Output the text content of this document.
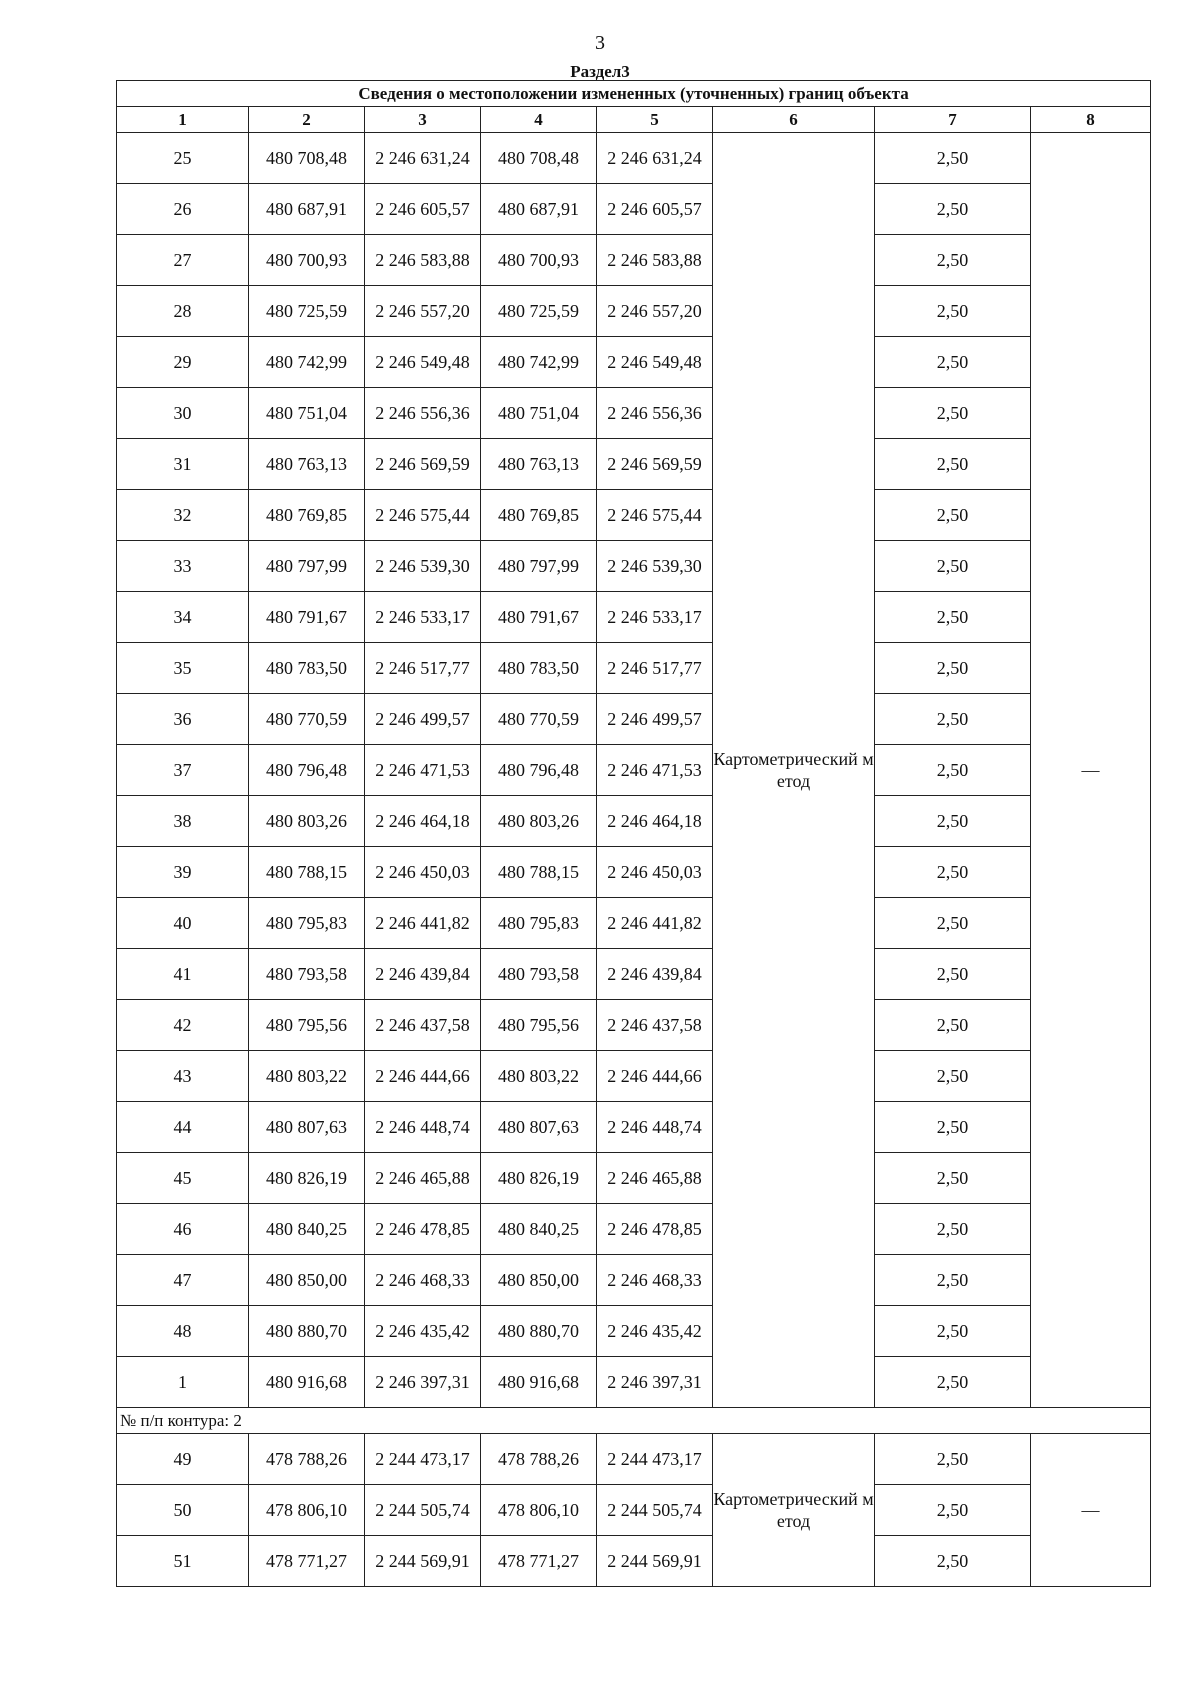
3
Раздел3
Сведения о местоположении измененных (уточненных) границ объекта							
1	2	3	4	5	6	7	8
25	480 708,48	2 246 631,24	480 708,48	2 246 631,24	Картометрический метод	2,50	—
26	480 687,91	2 246 605,57	480 687,91	2 246 605,57		2,50	
27	480 700,93	2 246 583,88	480 700,93	2 246 583,88		2,50	
28	480 725,59	2 246 557,20	480 725,59	2 246 557,20		2,50	
29	480 742,99	2 246 549,48	480 742,99	2 246 549,48		2,50	
30	480 751,04	2 246 556,36	480 751,04	2 246 556,36		2,50	
31	480 763,13	2 246 569,59	480 763,13	2 246 569,59		2,50	
32	480 769,85	2 246 575,44	480 769,85	2 246 575,44		2,50	
33	480 797,99	2 246 539,30	480 797,99	2 246 539,30		2,50	
34	480 791,67	2 246 533,17	480 791,67	2 246 533,17		2,50	
35	480 783,50	2 246 517,77	480 783,50	2 246 517,77		2,50	
36	480 770,59	2 246 499,57	480 770,59	2 246 499,57		2,50	
37	480 796,48	2 246 471,53	480 796,48	2 246 471,53		2,50	
38	480 803,26	2 246 464,18	480 803,26	2 246 464,18		2,50	
39	480 788,15	2 246 450,03	480 788,15	2 246 450,03		2,50	
40	480 795,83	2 246 441,82	480 795,83	2 246 441,82		2,50	
41	480 793,58	2 246 439,84	480 793,58	2 246 439,84		2,50	
42	480 795,56	2 246 437,58	480 795,56	2 246 437,58		2,50	
43	480 803,22	2 246 444,66	480 803,22	2 246 444,66		2,50	
44	480 807,63	2 246 448,74	480 807,63	2 246 448,74		2,50	
45	480 826,19	2 246 465,88	480 826,19	2 246 465,88		2,50	
46	480 840,25	2 246 478,85	480 840,25	2 246 478,85		2,50	
47	480 850,00	2 246 468,33	480 850,00	2 246 468,33		2,50	
48	480 880,70	2 246 435,42	480 880,70	2 246 435,42		2,50	
1	480 916,68	2 246 397,31	480 916,68	2 246 397,31		2,50	
№ п/п контура: 2							
49	478 788,26	2 244 473,17	478 788,26	2 244 473,17	Картометрический метод	2,50	—
50	478 806,10	2 244 505,74	478 806,10	2 244 505,74		2,50	
51	478 771,27	2 244 569,91	478 771,27	2 244 569,91		2,50	
